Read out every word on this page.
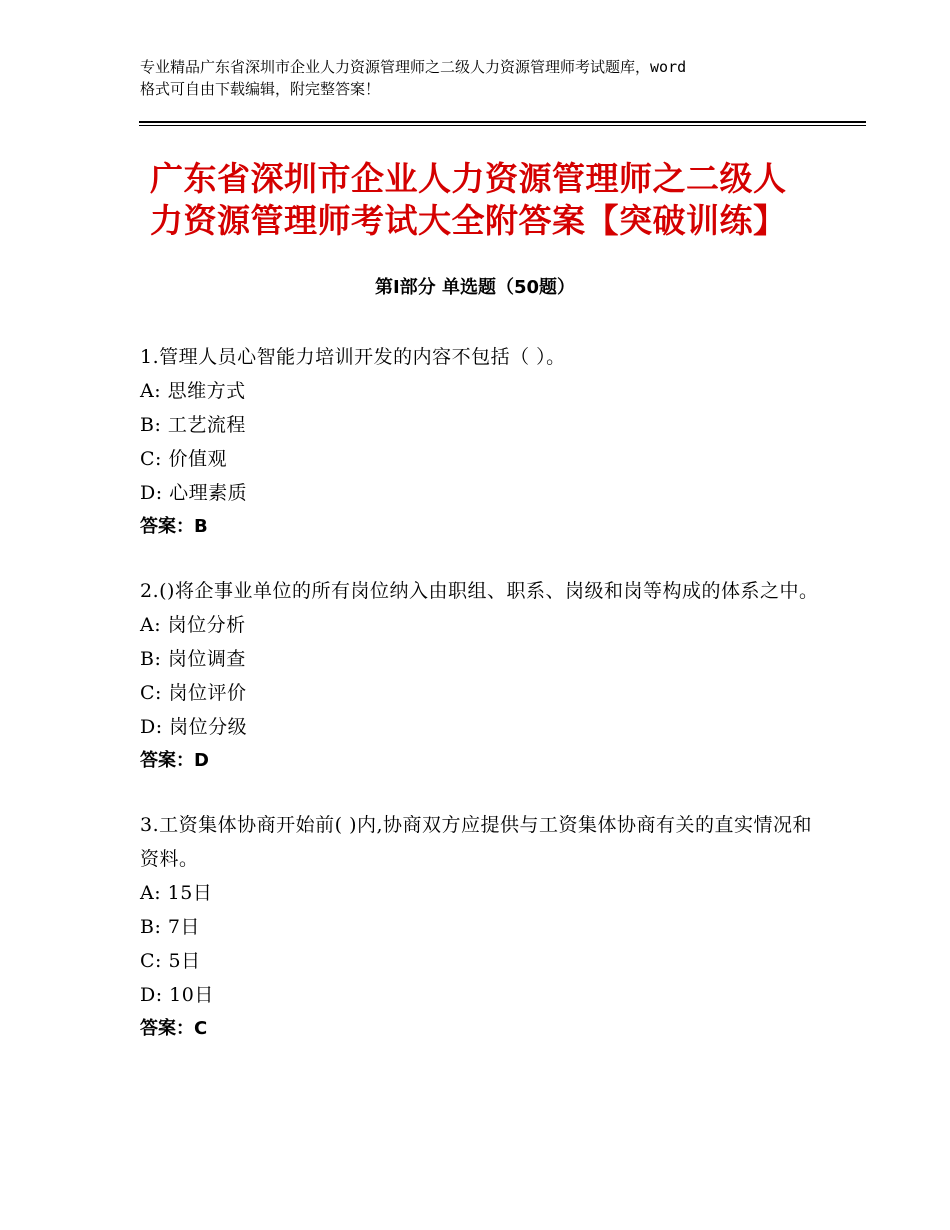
专业精品广东省深圳市企业人力资源管理师之二级人力资源管理师考试题库，word
格式可自由下载编辑，附完整答案！
广东省深圳市企业人力资源管理师之二级人
力资源管理师考试大全附答案【突破训练】
第Ⅰ部分 单选题（50题）

1.管理人员心智能力培训开发的内容不包括（ ）。

A: 思维方式

B: 工艺流程

C: 价值观

D: 心理素质

答案：B

2.()将企事业单位的所有岗位纳入由职组、职系、岗级和岗等构成的体系之中。

A: 岗位分析

B: 岗位调查

C: 岗位评价

D: 岗位分级

答案：D

3.工资集体协商开始前( )内,协商双方应提供与工资集体协商有关的直实情况和资料。

A: 15日

B: 7日

C: 5日

D: 10日

答案：C
